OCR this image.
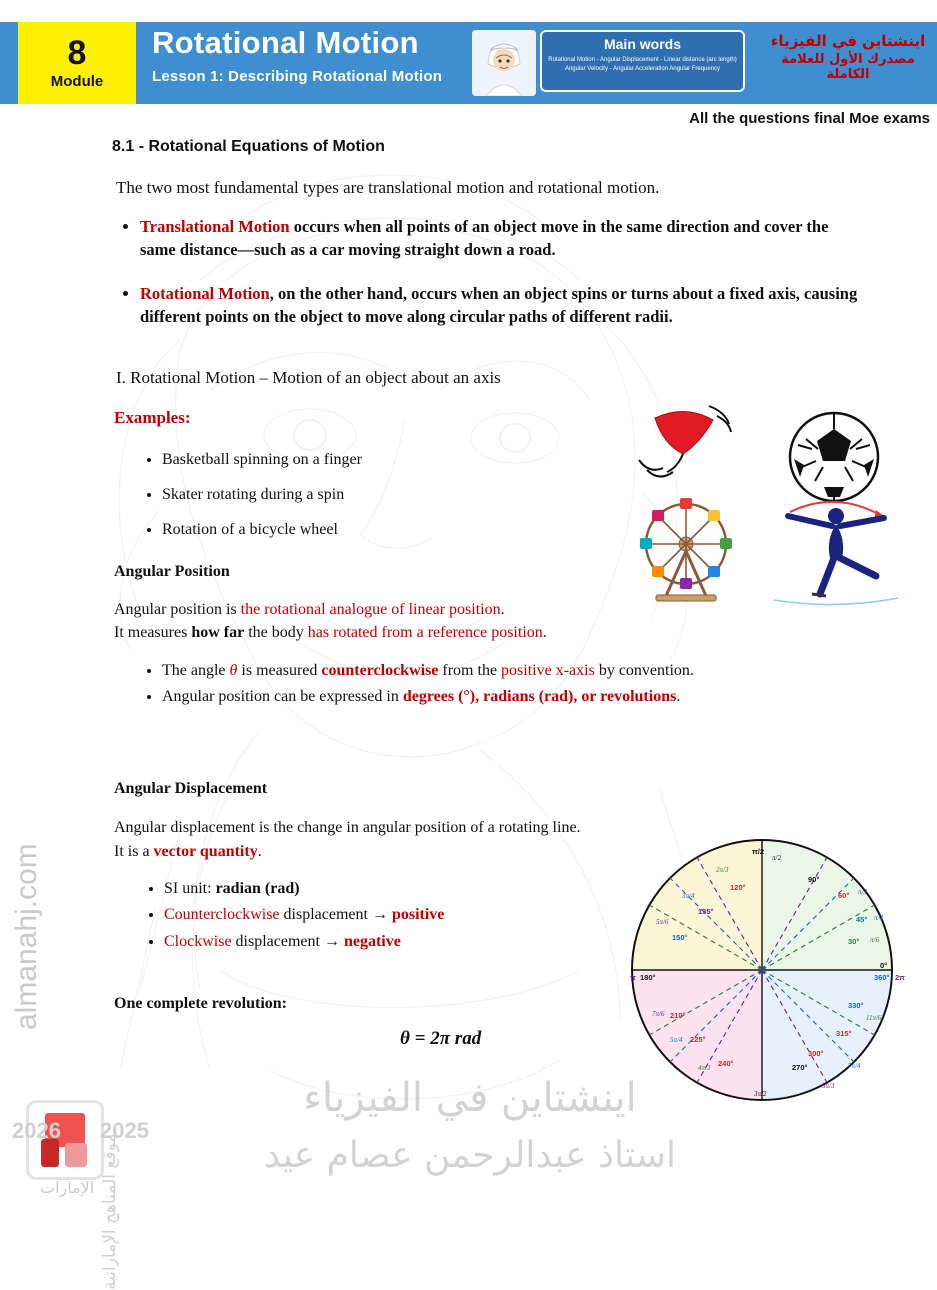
8
Module
Rotational Motion
Lesson 1: Describing Rotational Motion
Main words
Rotational Motion - Angular Displacement - Linear distance (arc length) Angular Velocity - Angular Acceleration Angular Frequency
اينشتاين في الفيزياء
مصدرك الأول للعلامة الكاملة
All the questions final Moe exams
8.1 - Rotational Equations of Motion
The two most fundamental types are translational motion and rotational motion.
• Translational Motion occurs when all points of an object move in the same direction and cover the same distance—such as a car moving straight down a road.
• Rotational Motion, on the other hand, occurs when an object spins or turns about a fixed axis, causing different points on the object to move along circular paths of different radii.
I. Rotational Motion – Motion of an object about an axis
Examples:
• Basketball spinning on a finger
• Skater rotating during a spin
• Rotation of a bicycle wheel
Angular Position
Angular position is the rotational analogue of linear position.
It measures how far the body has rotated from a reference position.
• The angle θ is measured counterclockwise from the positive x-axis by convention.
• Angular position can be expressed in degrees (°), radians (rad), or revolutions.
Angular Displacement
Angular displacement is the change in angular position of a rotating line.
It is a vector quantity.
• SI unit: radian (rad)
• Counterclockwise displacement → positive
• Clockwise displacement → negative
One complete revolution:
θ = 2π rad
0°
360° 2π
30°
45°
60°
90°
π/2
120°
135°
150°
180°
π
210°
225°
240°	270°
300°
315°
330°
π/6
π/4
π/3
π/2
2π/3
3π/4
5π/6
7π/6
5π/4
4π/3
3π/2
5π/3
7π/4
11π/6
اينشتاين في الفيزياء
استاذ عبدالرحمن عصام عيد
almanahj.com
2026 2025
الإمارات موقع المناهج الإماراتية
